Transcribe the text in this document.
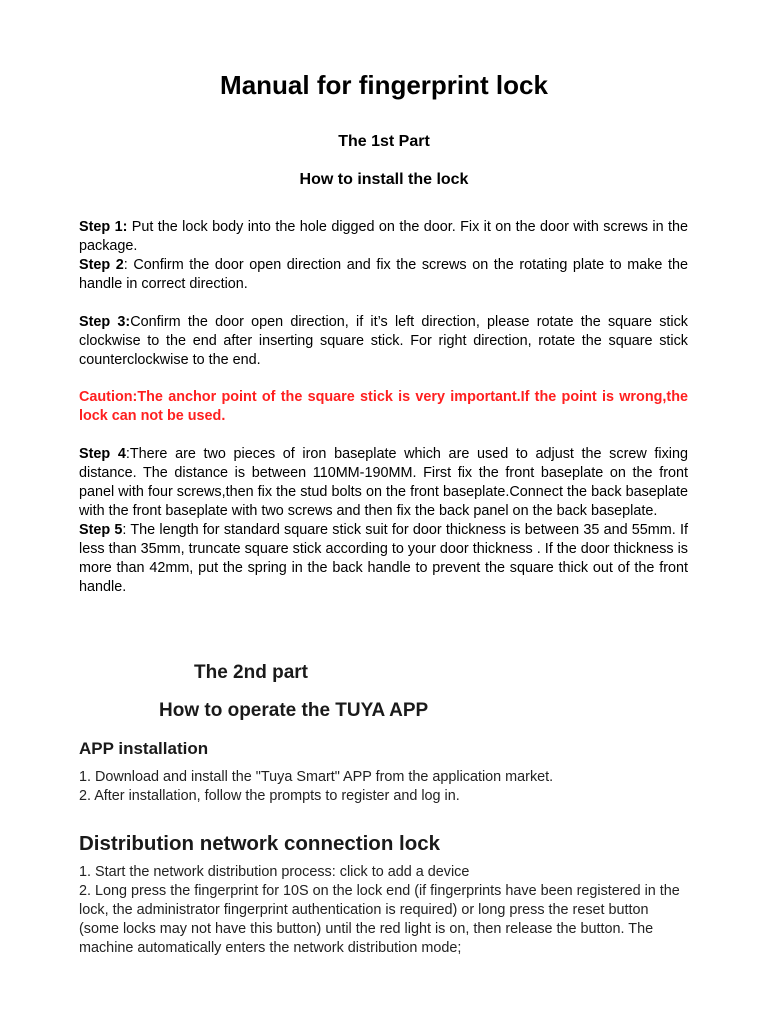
Manual for fingerprint lock
The 1st Part
How to install the lock
Step 1: Put the lock body into the hole digged on the door. Fix it on the door with screws in the package.
Step 2: Confirm the door open direction and fix the screws on the rotating plate to make the handle in correct direction.
Step 3:Confirm the door open direction, if it’s left direction, please rotate the square stick clockwise to the end after inserting square stick. For right direction, rotate the square stick counterclockwise to the end.
Caution:The anchor point of the square stick is very important.If the point is wrong,the lock can not be used.
Step 4:There are two pieces of iron baseplate which are used to adjust the screw fixing distance. The distance is between 110MM-190MM. First fix the front baseplate on the front panel with four screws,then fix the stud bolts on the front baseplate.Connect the back baseplate with the front baseplate with two screws and then fix the back panel on the back baseplate.
Step 5: The length for standard square stick suit for door thickness is between 35 and 55mm. If less than 35mm, truncate square stick according to your door thickness . If the door thickness is more than 42mm, put the spring in the back handle to prevent the square thick out of the front handle.
The 2nd part
How to operate the TUYA APP
APP installation
1. Download and install the "Tuya Smart" APP from the application market.
2. After installation, follow the prompts to register and log in.
Distribution network connection lock
1. Start the network distribution process: click to add a device
2. Long press the fingerprint for 10S on the lock end (if fingerprints have been registered in the lock, the administrator fingerprint authentication is required) or long press the reset button (some locks may not have this button) until the red light is on, then release the button. The machine automatically enters the network distribution mode;
